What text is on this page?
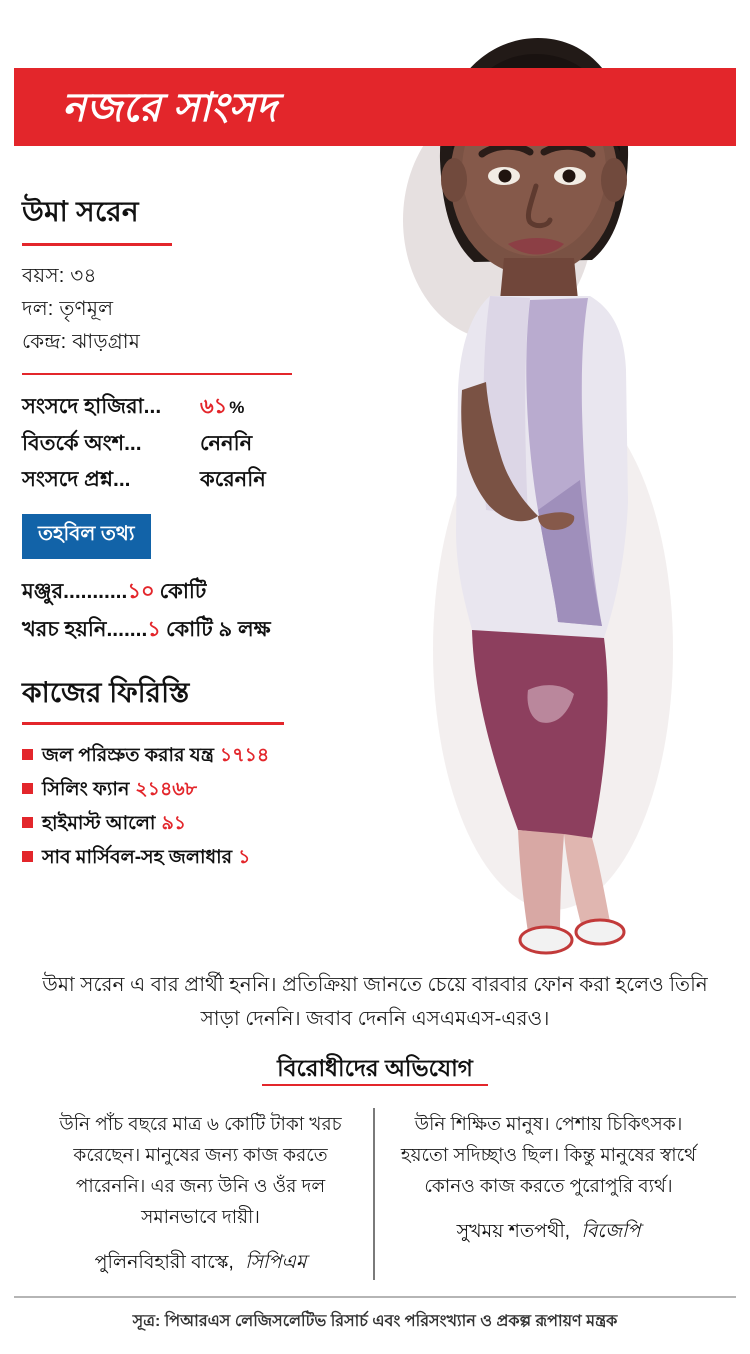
নজরে সাংসদ
উমা সরেন
বয়স: ৩৪
দল: তৃণমূল
কেন্দ্র: ঝাড়গ্রাম
সংসদে হাজিরা...	৬১ %
বিতর্কে অংশ...	নেননি
সংসদে প্রশ্ন...	করেননি
তহবিল তথ্য
মঞ্জুর........... ১০ কোটি
খরচ হয়নি....... ১ কোটি ৯ লক্ষ
কাজের ফিরিস্তি
জল পরিস্রুত করার যন্ত্র ১৭১৪
সিলিং ফ্যান ২১৪৬৮
হাইমাস্ট আলো ৯১
সাব মার্সিবল-সহ জলাধার ১
উমা সরেন এ বার প্রার্থী হননি। প্রতিক্রিয়া জানতে চেয়ে বারবার ফোন করা হলেও তিনি সাড়া দেননি। জবাব দেননি এসএমএস-এরও।
বিরোধীদের অভিযোগ
উনি পাঁচ বছরে মাত্র ৬ কোটি টাকা খরচ করেছেন। মানুষের জন্য কাজ করতে পারেননি। এর জন্য উনি ও ওঁর দল সমানভাবে দায়ী।
পুলিনবিহারী বাস্কে, সিপিএম
উনি শিক্ষিত মানুষ। পেশায় চিকিৎসক। হয়তো সদিচ্ছাও ছিল। কিন্তু মানুষের স্বার্থে কোনও কাজ করতে পুরোপুরি ব্যর্থ।
সুখময় শতপথী, বিজেপি
সূত্র: পিআরএস লেজিসলেটিভ রিসার্চ এবং পরিসংখ্যান ও প্রকল্প রূপায়ণ মন্ত্রক
